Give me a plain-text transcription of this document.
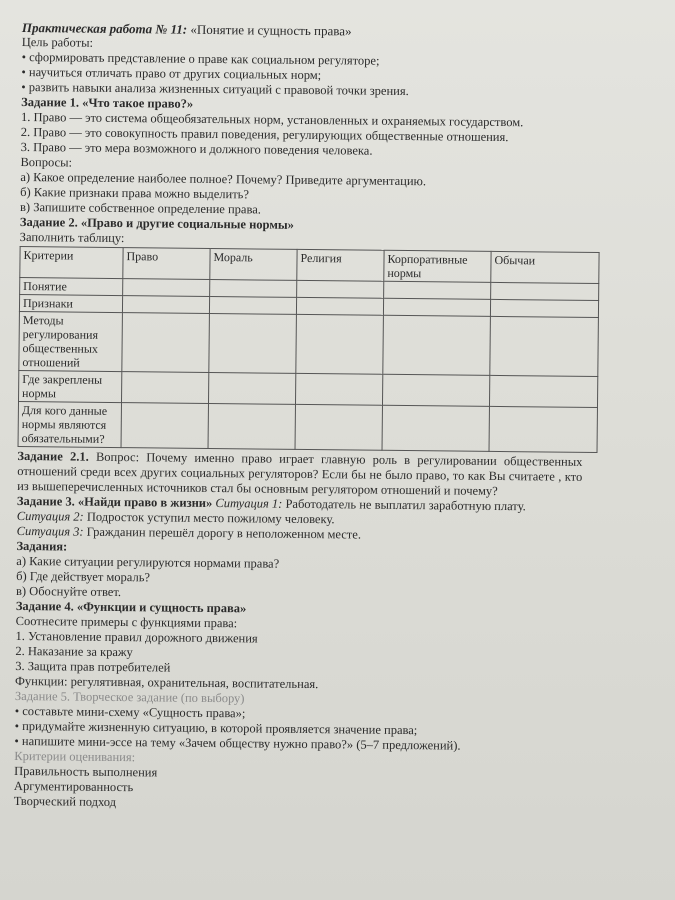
Практическая работа № 11: «Понятие и сущность права»
Цель работы:
• сформировать представление о праве как социальном регуляторе;
• научиться отличать право от других социальных норм;
• развить навыки анализа жизненных ситуаций с правовой точки зрения.
Задание 1. «Что такое право?»
1. Право — это система общеобязательных норм, установленных и охраняемых государством.
2. Право — это совокупность правил поведения, регулирующих общественные отношения.
3. Право — это мера возможного и должного поведения человека.
Вопросы:
а) Какое определение наиболее полное? Почему? Приведите аргументацию.
б) Какие признаки права можно выделить?
в) Запишите собственное определение права.
Задание 2. «Право и другие социальные нормы»
Заполнить таблицу:
Критерии	Право	Мораль	Религия	Корпоративные нормы	Обычаи
Понятие					
Признаки					
Методы регулирования общественных отношений					
Где закреплены нормы					
Для кого данные нормы являются обязательными?					
Задание 2.1. Вопрос: Почему именно право играет главную роль в регулировании общественных отношений среди всех других социальных регуляторов? Если бы не было право, то как Вы считаете , кто из вышеперечисленных источников стал бы основным регулятором отношений и почему?
Задание 3. «Найди право в жизни» Ситуация 1: Работодатель не выплатил заработную плату.
Ситуация 2: Подросток уступил место пожилому человеку.
Ситуация 3: Гражданин перешёл дорогу в неположенном месте.
Задания:
а) Какие ситуации регулируются нормами права?
б) Где действует мораль?
в) Обоснуйте ответ.
Задание 4. «Функции и сущность права»
Соотнесите примеры с функциями права:
1. Установление правил дорожного движения
2. Наказание за кражу
3. Защита прав потребителей
Функции: регулятивная, охранительная, воспитательная.
Задание 5. Творческое задание (по выбору)
• составьте мини-схему «Сущность права»;
• придумайте жизненную ситуацию, в которой проявляется значение права;
• напишите мини-эссе на тему «Зачем обществу нужно право?» (5–7 предложений).
Критерии оценивания:
Правильность выполнения
Аргументированность
Творческий подход
